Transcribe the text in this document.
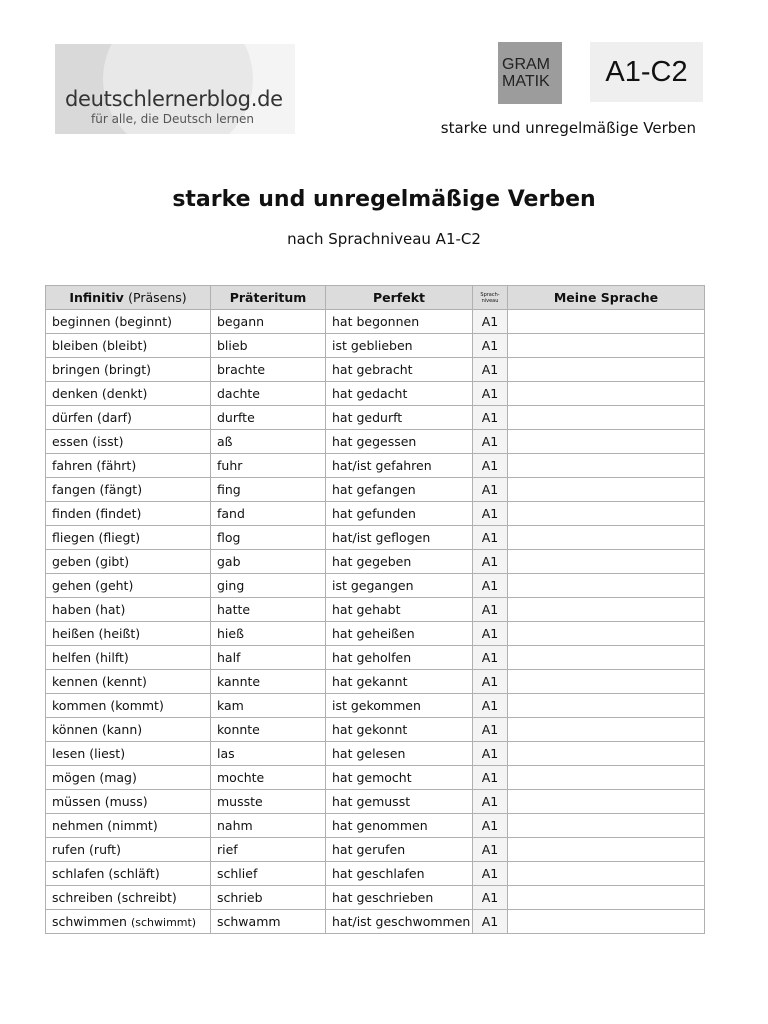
deutschlernerblog.de
für alle, die Deutsch lernen
GRAM
MATIK	A1-C2
starke und unregelmäßige Verben
starke und unregelmäßige Verben
nach Sprachniveau A1-C2
Infinitiv (Präsens)	Präteritum	Perfekt	Sprach-niveau	Meine Sprache
beginnen (beginnt)	begann	hat begonnen	A1	
bleiben (bleibt)	blieb	ist geblieben	A1	
bringen (bringt)	brachte	hat gebracht	A1	
denken (denkt)	dachte	hat gedacht	A1	
dürfen (darf)	durfte	hat gedurft	A1	
essen (isst)	aß	hat gegessen	A1	
fahren (fährt)	fuhr	hat/ist gefahren	A1	
fangen (fängt)	fing	hat gefangen	A1	
finden (findet)	fand	hat gefunden	A1	
fliegen (fliegt)	flog	hat/ist geflogen	A1	
geben (gibt)	gab	hat gegeben	A1	
gehen (geht)	ging	ist gegangen	A1	
haben (hat)	hatte	hat gehabt	A1	
heißen (heißt)	hieß	hat geheißen	A1	
helfen (hilft)	half	hat geholfen	A1	
kennen (kennt)	kannte	hat gekannt	A1	
kommen (kommt)	kam	ist gekommen	A1	
können (kann)	konnte	hat gekonnt	A1	
lesen (liest)	las	hat gelesen	A1	
mögen (mag)	mochte	hat gemocht	A1	
müssen (muss)	musste	hat gemusst	A1	
nehmen (nimmt)	nahm	hat genommen	A1	
rufen (ruft)	rief	hat gerufen	A1	
schlafen (schläft)	schlief	hat geschlafen	A1	
schreiben (schreibt)	schrieb	hat geschrieben	A1	
schwimmen (schwimmt)	schwamm	hat/ist geschwommen	A1	
